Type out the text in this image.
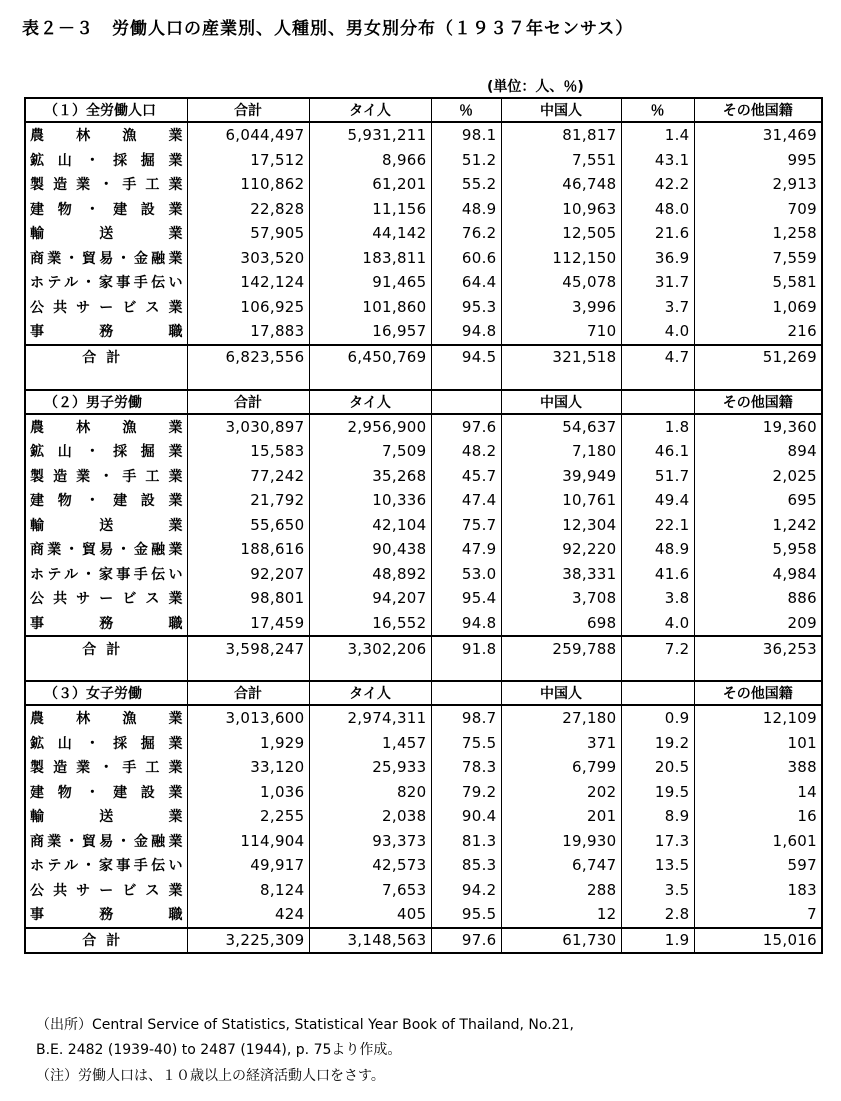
表２－３　労働人口の産業別、人種別、男女別分布（１９３７年センサス）
(単位：人、％)
（１）全労働人口	合計	タイ人	％	中国人	％	その他国籍
農林漁業	6,044,497	5,931,211	98.1	81,817	1.4	31,469
鉱山・採掘業	17,512	8,966	51.2	7,551	43.1	995
製造業・手工業	110,862	61,201	55.2	46,748	42.2	2,913
建物・建設業	22,828	11,156	48.9	10,963	48.0	709
輸送業	57,905	44,142	76.2	12,505	21.6	1,258
商業・貿易・金融業	303,520	183,811	60.6	112,150	36.9	7,559
ホテル・家事手伝い	142,124	91,465	64.4	45,078	31.7	5,581
公共サービス業	106,925	101,860	95.3	3,996	3.7	1,069
事務職	17,883	16,957	94.8	710	4.0	216
合計	6,823,556	6,450,769	94.5	321,518	4.7	51,269

（２）男子労働	合計	タイ人		中国人		その他国籍
農林漁業	3,030,897	2,956,900	97.6	54,637	1.8	19,360
鉱山・採掘業	15,583	7,509	48.2	7,180	46.1	894
製造業・手工業	77,242	35,268	45.7	39,949	51.7	2,025
建物・建設業	21,792	10,336	47.4	10,761	49.4	695
輸送業	55,650	42,104	75.7	12,304	22.1	1,242
商業・貿易・金融業	188,616	90,438	47.9	92,220	48.9	5,958
ホテル・家事手伝い	92,207	48,892	53.0	38,331	41.6	4,984
公共サービス業	98,801	94,207	95.4	3,708	3.8	886
事務職	17,459	16,552	94.8	698	4.0	209
合計	3,598,247	3,302,206	91.8	259,788	7.2	36,253

（３）女子労働	合計	タイ人		中国人		その他国籍
農林漁業	3,013,600	2,974,311	98.7	27,180	0.9	12,109
鉱山・採掘業	1,929	1,457	75.5	371	19.2	101
製造業・手工業	33,120	25,933	78.3	6,799	20.5	388
建物・建設業	1,036	820	79.2	202	19.5	14
輸送業	2,255	2,038	90.4	201	8.9	16
商業・貿易・金融業	114,904	93,373	81.3	19,930	17.3	1,601
ホテル・家事手伝い	49,917	42,573	85.3	6,747	13.5	597
公共サービス業	8,124	7,653	94.2	288	3.5	183
事務職	424	405	95.5	12	2.8	7
合計	3,225,309	3,148,563	97.6	61,730	1.9	15,016
（出所）Central Service of Statistics, Statistical Year Book of Thailand, No.21,
B.E. 2482 (1939-40) to 2487 (1944), p. 75より作成。
（注）労働人口は、１０歳以上の経済活動人口をさす。
